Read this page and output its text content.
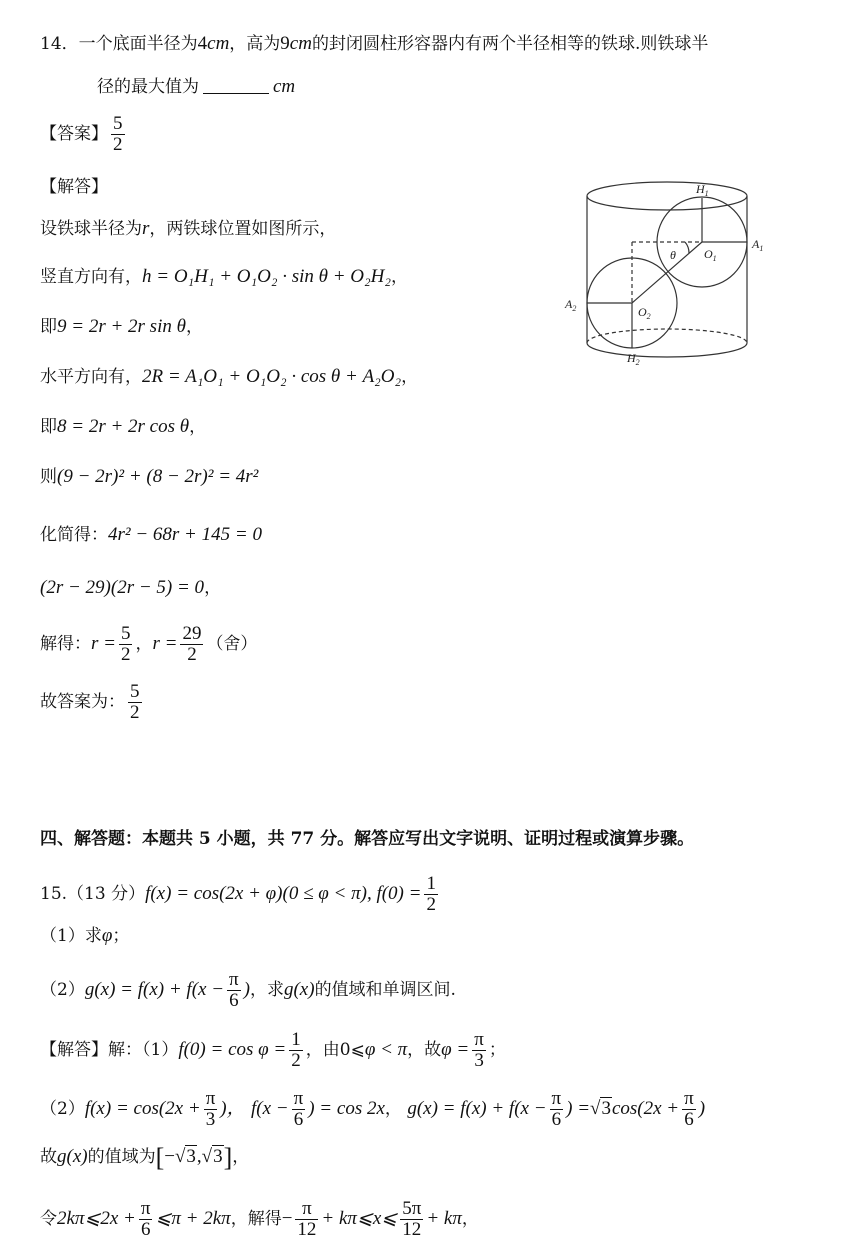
14．一个底面半径为4cm，高为9cm的封闭圆柱形容器内有两个半径相等的铁球.则铁球半
径的最大值为	cm
【答案】 $\frac{5}{2}$
【解答】
设铁球半径为r，两铁球位置如图所示，
竖直方向有，h = O₁H₁ + O₁O₂ · sin θ + O₂H₂，
即9 = 2r + 2r sin θ，
水平方向有，2R = A₁O₁ + O₁O₂ · cos θ + A₂O₂，
即8 = 2r + 2r cos θ，
则(9 − 2r)² + (8 − 2r)² = 4r²
化简得：4r² − 68r + 145 = 0
(2r − 29)(2r − 5) = 0，
解得：$r = \frac{5}{2}$ ，$r = \frac{29}{2}$ （舍）
故答案为： $\frac{5}{2}$
$H_1$
$A_1$
$O_1$
θ
$A_2$	$O_2$
$H_2$
四、解答题：本题共 5 小题，共 77 分。解答应写出文字说明、证明过程或演算步骤。
15.（13 分）f(x) = cos(2x + φ)(0 ≤ φ < π), $f(0) = \frac{1}{2}$
（1）求φ；
$(2)g(x) = f(x) + f(x - \frac{\pi}{6}$ )，求g(x)的值域和单调区间.
【解答】解：$(1)f(0) = \cos \varphi = \frac{1}{2}$ ，由0⩽φ < π，故$\varphi = \frac{\pi}{3}$ ；
$(2)f(x) = \cos(2x + \frac{\pi}{3}$ )， $f(x - \frac{\pi}{6}$ ) = cos 2x， $g(x) = f(x) + f(x - \frac{\pi}{6}$ ) $=√3\cos(2x + \frac{\pi}{6}$ )
故g(x)的值域为[−√3,√3]，
令2kπ⩽2x + $\frac{\pi}{6}$ ⩽π + 2kπ，解得− $\frac{\pi}{12}$ + kπ⩽x⩽ $\frac{5\pi}{12} + k\pi$，
